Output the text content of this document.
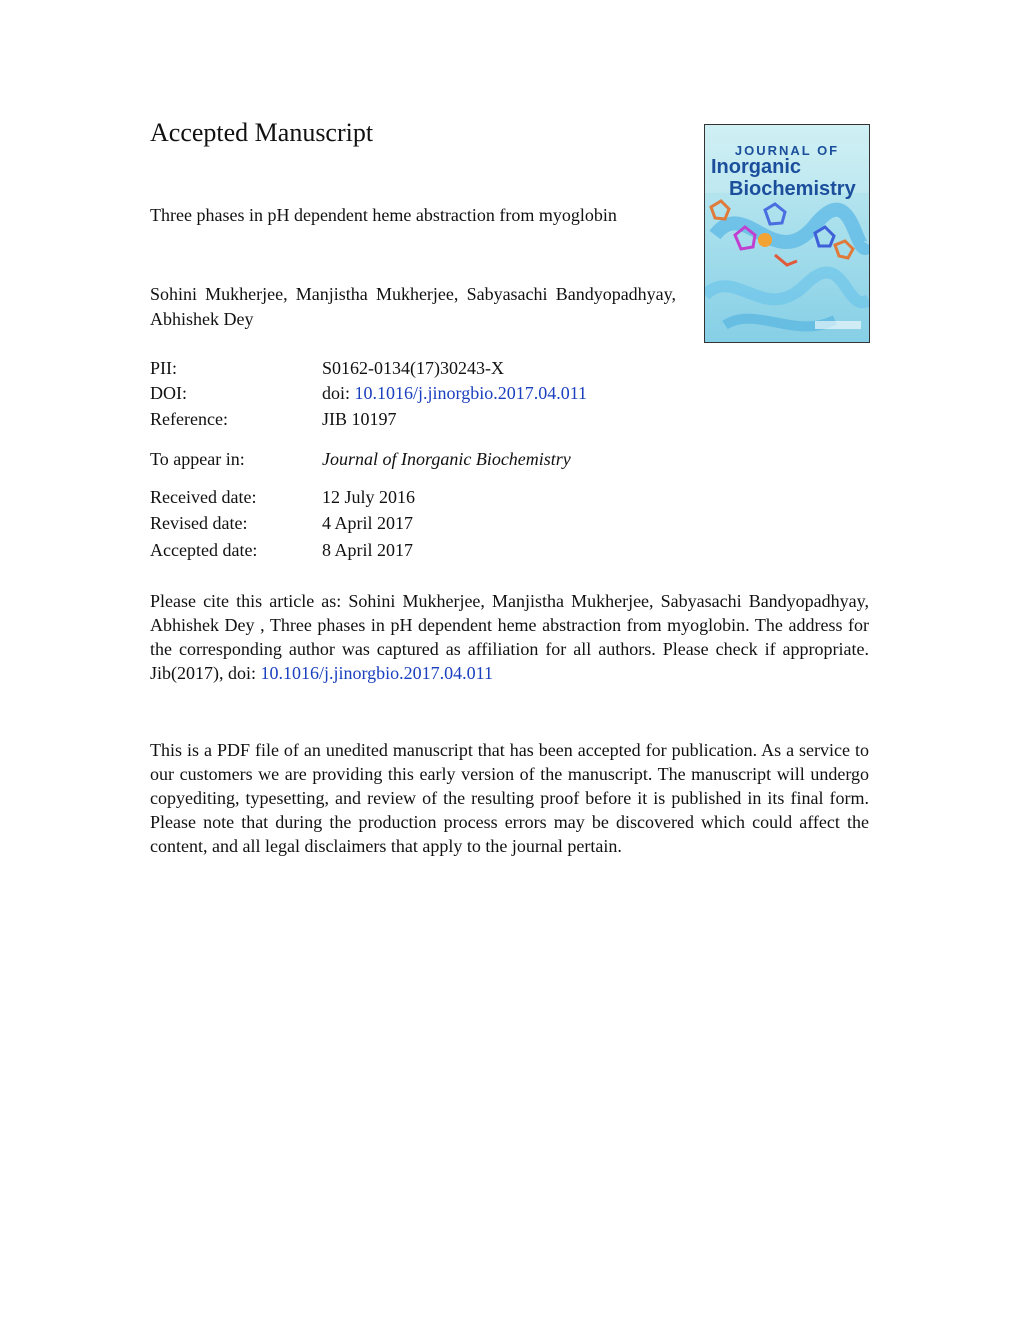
Accepted Manuscript
Three phases in pH dependent heme abstraction from myoglobin
Sohini Mukherjee, Manjistha Mukherjee, Sabyasachi Bandyopadhyay, Abhishek Dey
JOURNAL OF
Inorganic
Biochemistry
PII:	S0162-0134(17)30243-X
DOI:	doi: 10.1016/j.jinorgbio.2017.04.011
Reference:	JIB 10197
To appear in:	Journal of Inorganic Biochemistry
Received date:	12 July 2016
Revised date:	4 April 2017
Accepted date:	8 April 2017
Please cite this article as: Sohini Mukherjee, Manjistha Mukherjee, Sabyasachi Bandyopadhyay, Abhishek Dey , Three phases in pH dependent heme abstraction from myoglobin. The address for the corresponding author was captured as affiliation for all authors. Please check if appropriate. Jib(2017), doi: 10.1016/j.jinorgbio.2017.04.011
This is a PDF file of an unedited manuscript that has been accepted for publication. As a service to our customers we are providing this early version of the manuscript. The manuscript will undergo copyediting, typesetting, and review of the resulting proof before it is published in its final form. Please note that during the production process errors may be discovered which could affect the content, and all legal disclaimers that apply to the journal pertain.
